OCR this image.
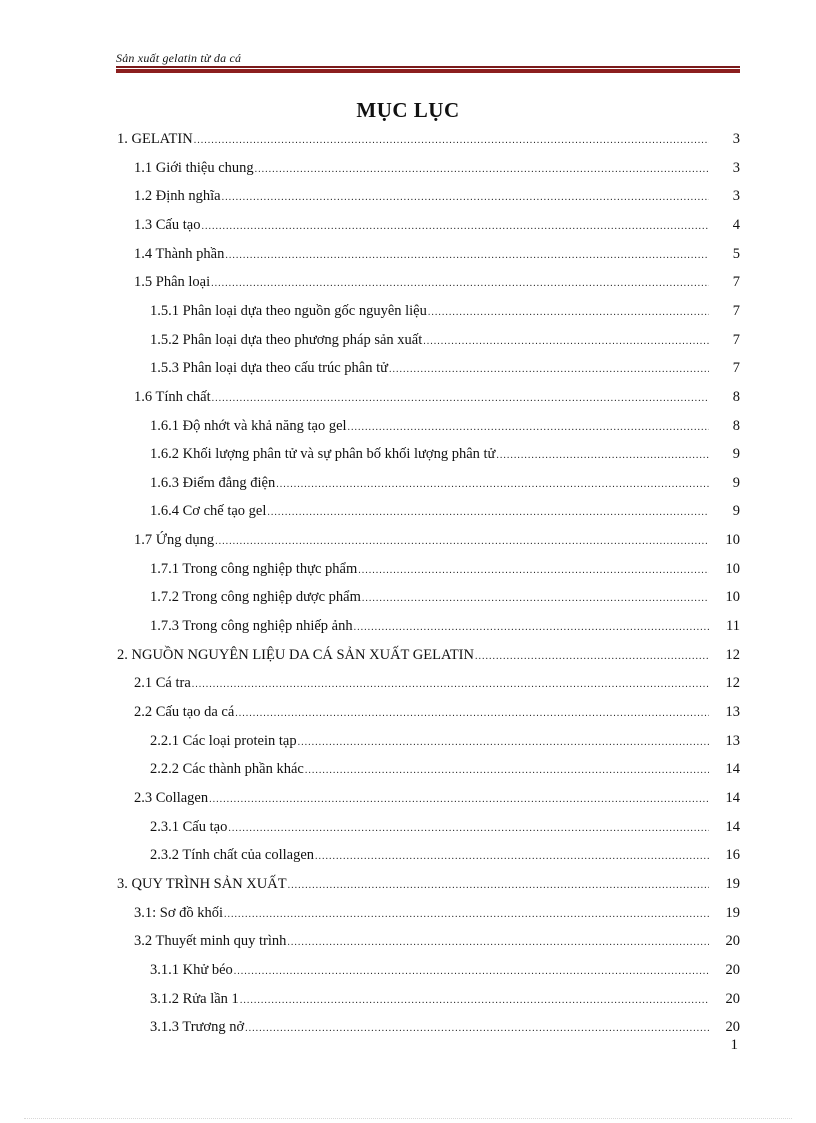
Sản xuất gelatin từ da cá
MỤC LỤC
1. GELATIN .....	3
1.1 Giới thiệu chung .....	3
1.2 Định nghĩa .....	3
1.3 Cấu tạo .....	4
1.4 Thành phần .....	5
1.5 Phân loại .....	7
1.5.1 Phân loại dựa theo nguồn gốc nguyên liệu .....	7
1.5.2 Phân loại dựa theo phương pháp sản xuất .....	7
1.5.3 Phân loại dựa theo cấu trúc phân tử .....	7
1.6 Tính chất .....	8
1.6.1 Độ nhớt và khả năng tạo gel .....	8
1.6.2 Khối lượng phân tử và sự phân bố khối lượng phân tử .....	9
1.6.3 Điểm đẳng điện .....	9
1.6.4 Cơ chế tạo gel .....	9
1.7 Ứng dụng .....	10
1.7.1 Trong công nghiệp thực phẩm .....	10
1.7.2 Trong công nghiệp dược phẩm .....	10
1.7.3 Trong công nghiệp nhiếp ảnh .....	11
2. NGUỒN NGUYÊN LIỆU DA CÁ SẢN XUẤT GELATIN .....	12
2.1 Cá tra .....	12
2.2 Cấu tạo da cá .....	13
2.2.1 Các loại protein tạp .....	13
2.2.2 Các thành phần khác .....	14
2.3 Collagen .....	14
2.3.1 Cấu tạo .....	14
2.3.2 Tính chất của collagen .....	16
3. QUY TRÌNH SẢN XUẤT .....	19
3.1: Sơ đồ khối .....	19
3.2 Thuyết minh quy trình .....	20
3.1.1 Khử béo .....	20
3.1.2 Rửa lần 1 .....	20
3.1.3 Trương nở .....	20
1
